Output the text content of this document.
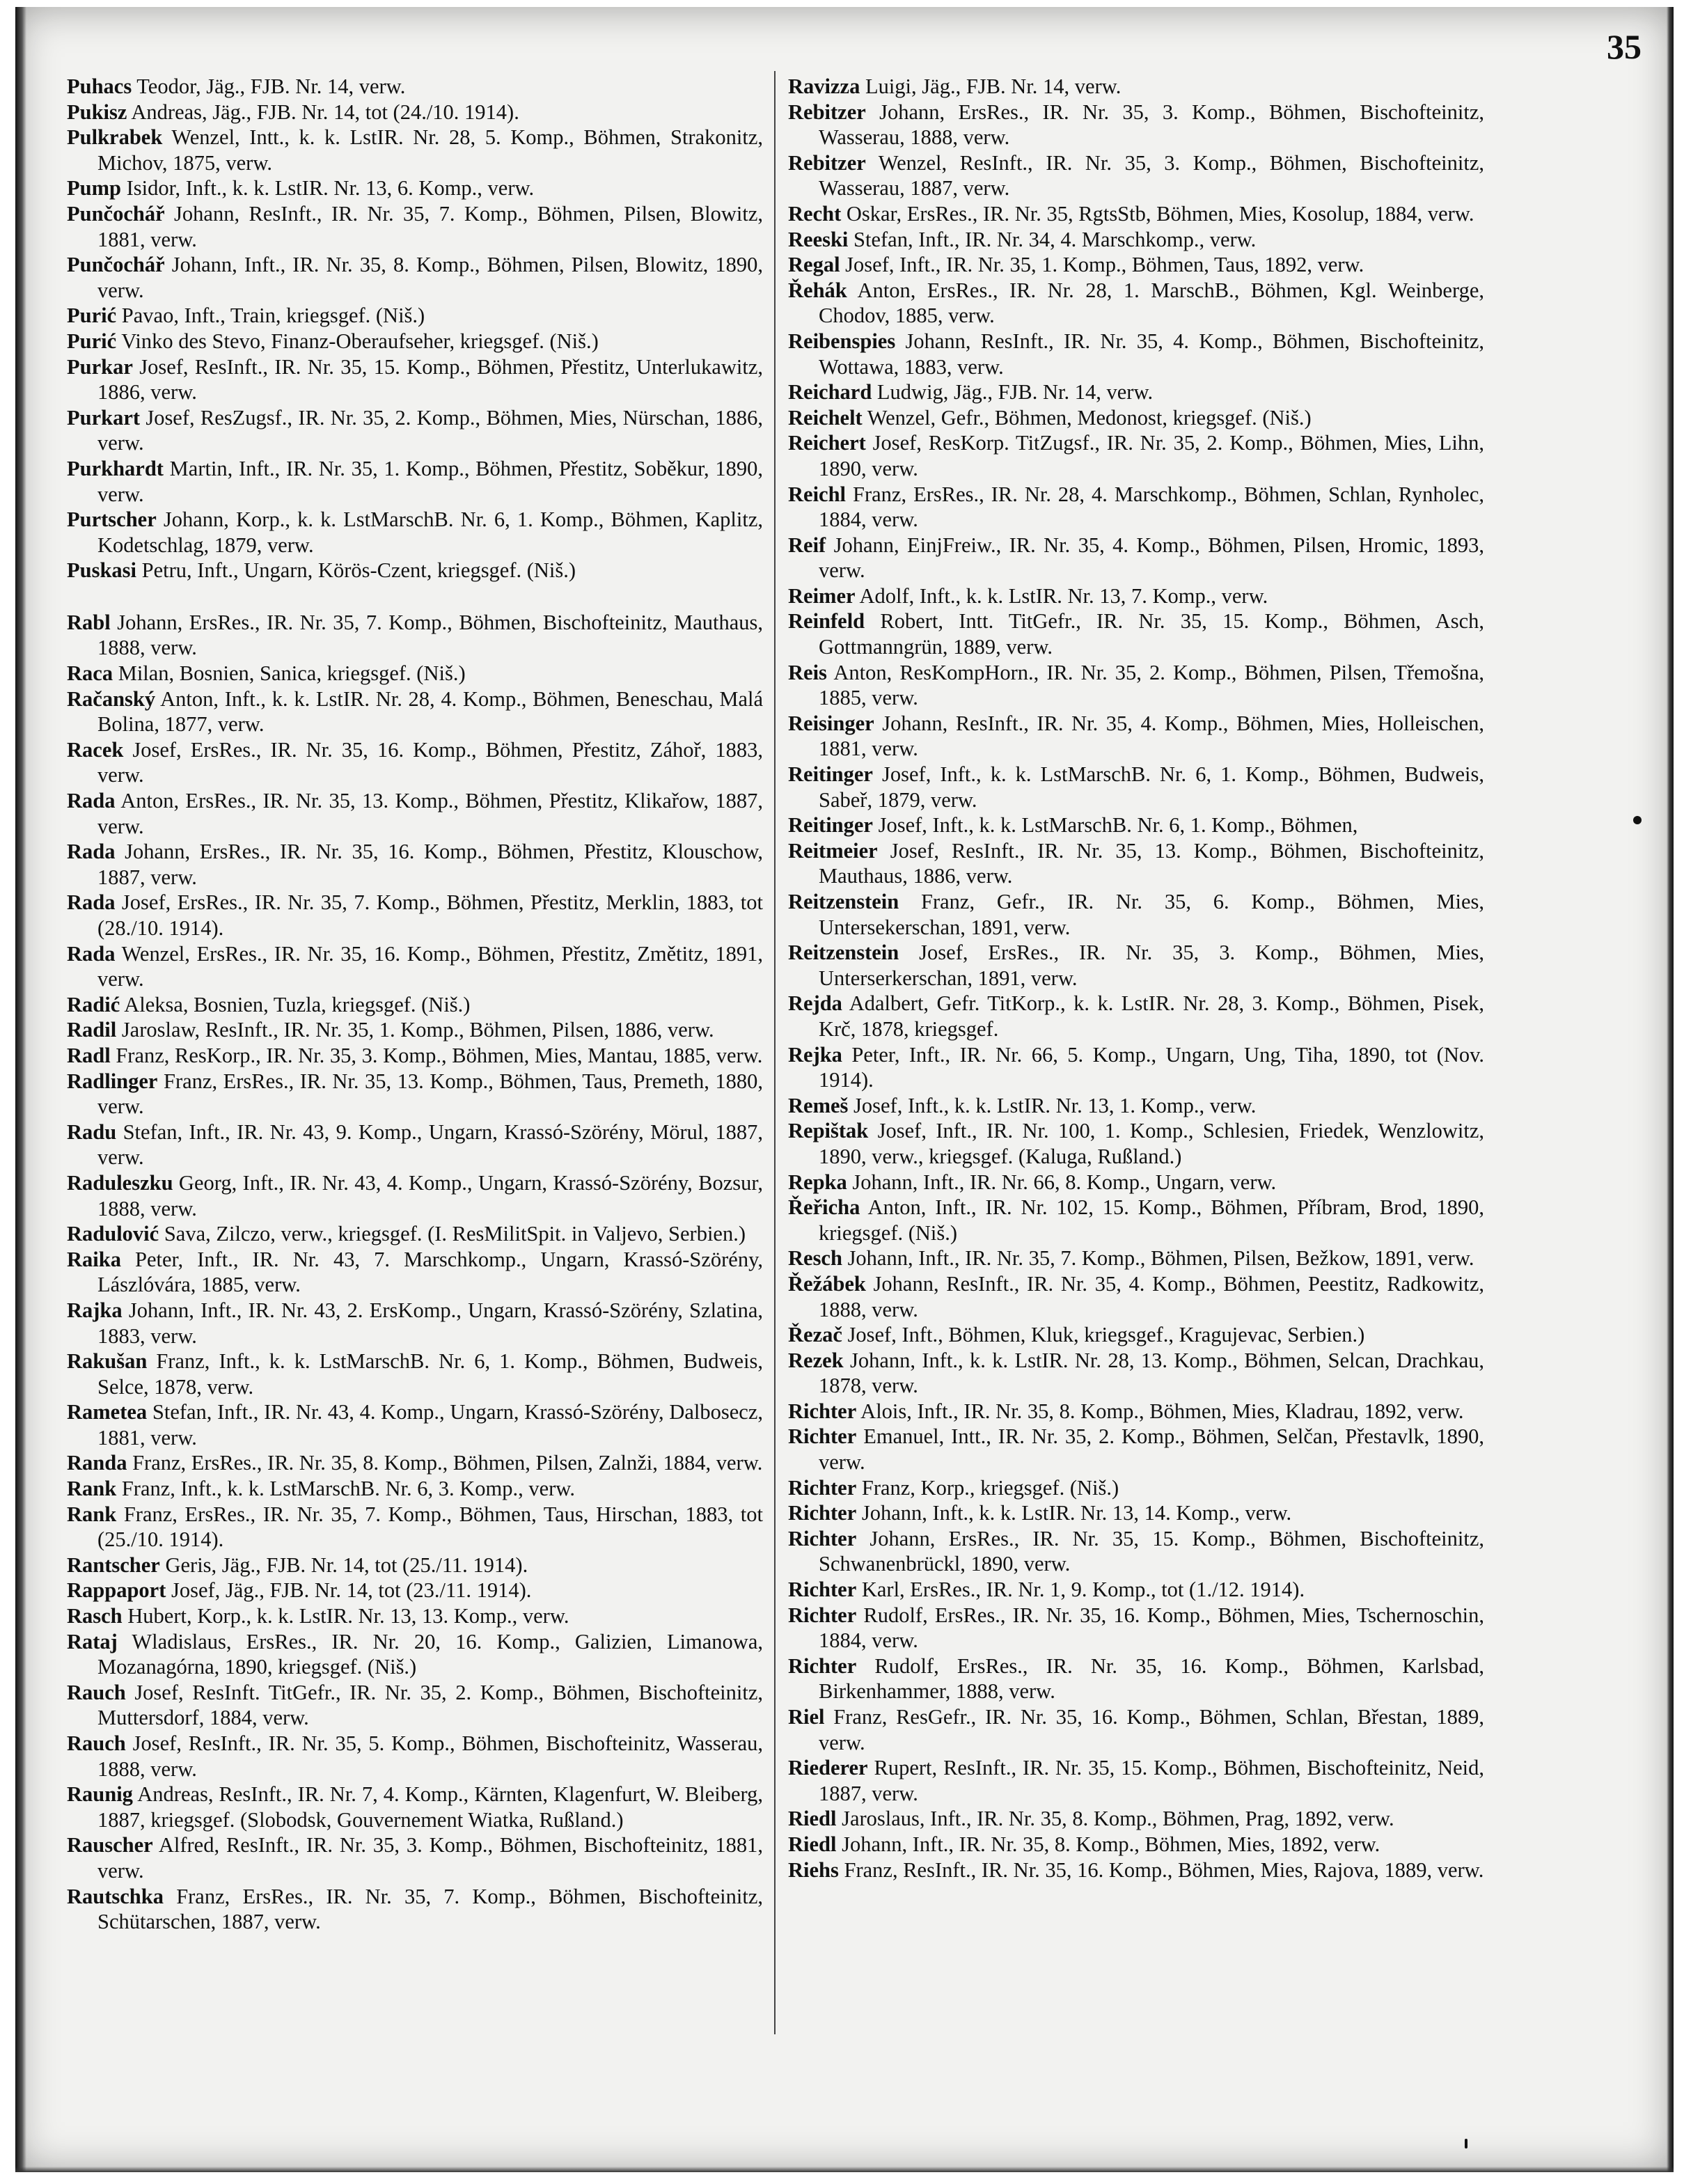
35

Puhacs Teodor, Jäg., FJB. Nr. 14, verw.

Pukisz Andreas, Jäg., FJB. Nr. 14, tot (24./10. 1914).

Pulkrabek Wenzel, Intt., k. k. LstIR. Nr. 28, 5. Komp., Böhmen, Strakonitz, Michov, 1875, verw.

Pump Isidor, Inft., k. k. LstIR. Nr. 13, 6. Komp., verw.

Punčochář Johann, ResInft., IR. Nr. 35, 7. Komp., Böhmen, Pilsen, Blowitz, 1881, verw.

Punčochář Johann, Inft., IR. Nr. 35, 8. Komp., Böhmen, Pilsen, Blowitz, 1890, verw.

Purić Pavao, Inft., Train, kriegsgef. (Niš.)

Purić Vinko des Stevo, Finanz-Oberaufseher, kriegsgef. (Niš.)

Purkar Josef, ResInft., IR. Nr. 35, 15. Komp., Böhmen, Přestitz, Unterlukawitz, 1886, verw.

Purkart Josef, ResZugsf., IR. Nr. 35, 2. Komp., Böhmen, Mies, Nürschan, 1886, verw.

Purkhardt Martin, Inft., IR. Nr. 35, 1. Komp., Böhmen, Přestitz, Soběkur, 1890, verw.

Purtscher Johann, Korp., k. k. LstMarschB. Nr. 6, 1. Komp., Böhmen, Kaplitz, Kodetschlag, 1879, verw.

Puskasi Petru, Inft., Ungarn, Körös-Czent, kriegsgef. (Niš.)

Rabl Johann, ErsRes., IR. Nr. 35, 7. Komp., Böhmen, Bischofteinitz, Mauthaus, 1888, verw.

Raca Milan, Bosnien, Sanica, kriegsgef. (Niš.)

Račanský Anton, Inft., k. k. LstIR. Nr. 28, 4. Komp., Böhmen, Beneschau, Malá Bolina, 1877, verw.

Racek Josef, ErsRes., IR. Nr. 35, 16. Komp., Böhmen, Přestitz, Záhoř, 1883, verw.

Rada Anton, ErsRes., IR. Nr. 35, 13. Komp., Böhmen, Přestitz, Klikařow, 1887, verw.

Rada Johann, ErsRes., IR. Nr. 35, 16. Komp., Böhmen, Přestitz, Klouschow, 1887, verw.

Rada Josef, ErsRes., IR. Nr. 35, 7. Komp., Böhmen, Přestitz, Merklin, 1883, tot (28./10. 1914).

Rada Wenzel, ErsRes., IR. Nr. 35, 16. Komp., Böhmen, Přestitz, Změtitz, 1891, verw.

Radić Aleksa, Bosnien, Tuzla, kriegsgef. (Niš.)

Radil Jaroslaw, ResInft., IR. Nr. 35, 1. Komp., Böhmen, Pilsen, 1886, verw.

Radl Franz, ResKorp., IR. Nr. 35, 3. Komp., Böhmen, Mies, Mantau, 1885, verw.

Radlinger Franz, ErsRes., IR. Nr. 35, 13. Komp., Böhmen, Taus, Premeth, 1880, verw.

Radu Stefan, Inft., IR. Nr. 43, 9. Komp., Ungarn, Krassó-Szörény, Mörul, 1887, verw.

Raduleszku Georg, Inft., IR. Nr. 43, 4. Komp., Ungarn, Krassó-Szörény, Bozsur, 1888, verw.

Radulović Sava, Zilczo, verw., kriegsgef. (I. ResMilitSpit. in Valjevo, Serbien.)

Raika Peter, Inft., IR. Nr. 43, 7. Marschkomp., Ungarn, Krassó-Szörény, Lászlóvára, 1885, verw.

Rajka Johann, Inft., IR. Nr. 43, 2. ErsKomp., Ungarn, Krassó-Szörény, Szlatina, 1883, verw.

Rakušan Franz, Inft., k. k. LstMarschB. Nr. 6, 1. Komp., Böhmen, Budweis, Selce, 1878, verw.

Rametea Stefan, Inft., IR. Nr. 43, 4. Komp., Ungarn, Krassó-Szörény, Dalbosecz, 1881, verw.

Randa Franz, ErsRes., IR. Nr. 35, 8. Komp., Böhmen, Pilsen, Zalnži, 1884, verw.

Rank Franz, Inft., k. k. LstMarschB. Nr. 6, 3. Komp., verw.

Rank Franz, ErsRes., IR. Nr. 35, 7. Komp., Böhmen, Taus, Hirschan, 1883, tot (25./10. 1914).

Rantscher Geris, Jäg., FJB. Nr. 14, tot (25./11. 1914).

Rappaport Josef, Jäg., FJB. Nr. 14, tot (23./11. 1914).

Rasch Hubert, Korp., k. k. LstIR. Nr. 13, 13. Komp., verw.

Rataj Wladislaus, ErsRes., IR. Nr. 20, 16. Komp., Galizien, Limanowa, Mozanagórna, 1890, kriegsgef. (Niš.)

Rauch Josef, ResInft. TitGefr., IR. Nr. 35, 2. Komp., Böhmen, Bischofteinitz, Muttersdorf, 1884, verw.

Rauch Josef, ResInft., IR. Nr. 35, 5. Komp., Böhmen, Bischofteinitz, Wasserau, 1888, verw.

Raunig Andreas, ResInft., IR. Nr. 7, 4. Komp., Kärnten, Klagenfurt, W. Bleiberg, 1887, kriegsgef. (Slobodsk, Gouvernement Wiatka, Rußland.)

Rauscher Alfred, ResInft., IR. Nr. 35, 3. Komp., Böhmen, Bischofteinitz, 1881, verw.

Rautschka Franz, ErsRes., IR. Nr. 35, 7. Komp., Böhmen, Bischofteinitz, Schütarschen, 1887, verw.

Ravizza Luigi, Jäg., FJB. Nr. 14, verw.

Rebitzer Johann, ErsRes., IR. Nr. 35, 3. Komp., Böhmen, Bischofteinitz, Wasserau, 1888, verw.

Rebitzer Wenzel, ResInft., IR. Nr. 35, 3. Komp., Böhmen, Bischofteinitz, Wasserau, 1887, verw.

Recht Oskar, ErsRes., IR. Nr. 35, RgtsStb, Böhmen, Mies, Kosolup, 1884, verw.

Reeski Stefan, Inft., IR. Nr. 34, 4. Marschkomp., verw.

Regal Josef, Inft., IR. Nr. 35, 1. Komp., Böhmen, Taus, 1892, verw.

Řehák Anton, ErsRes., IR. Nr. 28, 1. MarschB., Böhmen, Kgl. Weinberge, Chodov, 1885, verw.

Reibenspies Johann, ResInft., IR. Nr. 35, 4. Komp., Böhmen, Bischofteinitz, Wottawa, 1883, verw.

Reichard Ludwig, Jäg., FJB. Nr. 14, verw.

Reichelt Wenzel, Gefr., Böhmen, Medonost, kriegsgef. (Niš.)

Reichert Josef, ResKorp. TitZugsf., IR. Nr. 35, 2. Komp., Böhmen, Mies, Lihn, 1890, verw.

Reichl Franz, ErsRes., IR. Nr. 28, 4. Marschkomp., Böhmen, Schlan, Rynholec, 1884, verw.

Reif Johann, EinjFreiw., IR. Nr. 35, 4. Komp., Böhmen, Pilsen, Hromic, 1893, verw.

Reimer Adolf, Inft., k. k. LstIR. Nr. 13, 7. Komp., verw.

Reinfeld Robert, Intt. TitGefr., IR. Nr. 35, 15. Komp., Böhmen, Asch, Gottmanngrün, 1889, verw.

Reis Anton, ResKompHorn., IR. Nr. 35, 2. Komp., Böhmen, Pilsen, Třemošna, 1885, verw.

Reisinger Johann, ResInft., IR. Nr. 35, 4. Komp., Böhmen, Mies, Holleischen, 1881, verw.

Reitinger Josef, Inft., k. k. LstMarschB. Nr. 6, 1. Komp., Böhmen, Budweis, Sabeř, 1879, verw.

Reitinger Josef, Inft., k. k. LstMarschB. Nr. 6, 1. Komp., Böhmen,

Reitmeier Josef, ResInft., IR. Nr. 35, 13. Komp., Böhmen, Bischofteinitz, Mauthaus, 1886, verw.

Reitzenstein Franz, Gefr., IR. Nr. 35, 6. Komp., Böhmen, Mies, Untersekerschan, 1891, verw.

Reitzenstein Josef, ErsRes., IR. Nr. 35, 3. Komp., Böhmen, Mies, Unterserkerschan, 1891, verw.

Rejda Adalbert, Gefr. TitKorp., k. k. LstIR. Nr. 28, 3. Komp., Böhmen, Pisek, Krč, 1878, kriegsgef.

Rejka Peter, Inft., IR. Nr. 66, 5. Komp., Ungarn, Ung, Tiha, 1890, tot (Nov. 1914).

Remeš Josef, Inft., k. k. LstIR. Nr. 13, 1. Komp., verw.

Repištak Josef, Inft., IR. Nr. 100, 1. Komp., Schlesien, Friedek, Wenzlowitz, 1890, verw., kriegsgef. (Kaluga, Rußland.)

Repka Johann, Inft., IR. Nr. 66, 8. Komp., Ungarn, verw.

Řeřicha Anton, Inft., IR. Nr. 102, 15. Komp., Böhmen, Příbram, Brod, 1890, kriegsgef. (Niš.)

Resch Johann, Inft., IR. Nr. 35, 7. Komp., Böhmen, Pilsen, Bežkow, 1891, verw.

Řežábek Johann, ResInft., IR. Nr. 35, 4. Komp., Böhmen, Peestitz, Radkowitz, 1888, verw.

Řezač Josef, Inft., Böhmen, Kluk, kriegsgef., Kragujevac, Serbien.)

Rezek Johann, Inft., k. k. LstIR. Nr. 28, 13. Komp., Böhmen, Selcan, Drachkau, 1878, verw.

Richter Alois, Inft., IR. Nr. 35, 8. Komp., Böhmen, Mies, Kladrau, 1892, verw.

Richter Emanuel, Intt., IR. Nr. 35, 2. Komp., Böhmen, Selčan, Přestavlk, 1890, verw.

Richter Franz, Korp., kriegsgef. (Niš.)

Richter Johann, Inft., k. k. LstIR. Nr. 13, 14. Komp., verw.

Richter Johann, ErsRes., IR. Nr. 35, 15. Komp., Böhmen, Bischofteinitz, Schwanenbrückl, 1890, verw.

Richter Karl, ErsRes., IR. Nr. 1, 9. Komp., tot (1./12. 1914).

Richter Rudolf, ErsRes., IR. Nr. 35, 16. Komp., Böhmen, Mies, Tschernoschin, 1884, verw.

Richter Rudolf, ErsRes., IR. Nr. 35, 16. Komp., Böhmen, Karlsbad, Birkenhammer, 1888, verw.

Riel Franz, ResGefr., IR. Nr. 35, 16. Komp., Böhmen, Schlan, Břestan, 1889, verw.

Riederer Rupert, ResInft., IR. Nr. 35, 15. Komp., Böhmen, Bischofteinitz, Neid, 1887, verw.

Riedl Jaroslaus, Inft., IR. Nr. 35, 8. Komp., Böhmen, Prag, 1892, verw.

Riedl Johann, Inft., IR. Nr. 35, 8. Komp., Böhmen, Mies, 1892, verw.

Riehs Franz, ResInft., IR. Nr. 35, 16. Komp., Böhmen, Mies, Rajova, 1889, verw.
